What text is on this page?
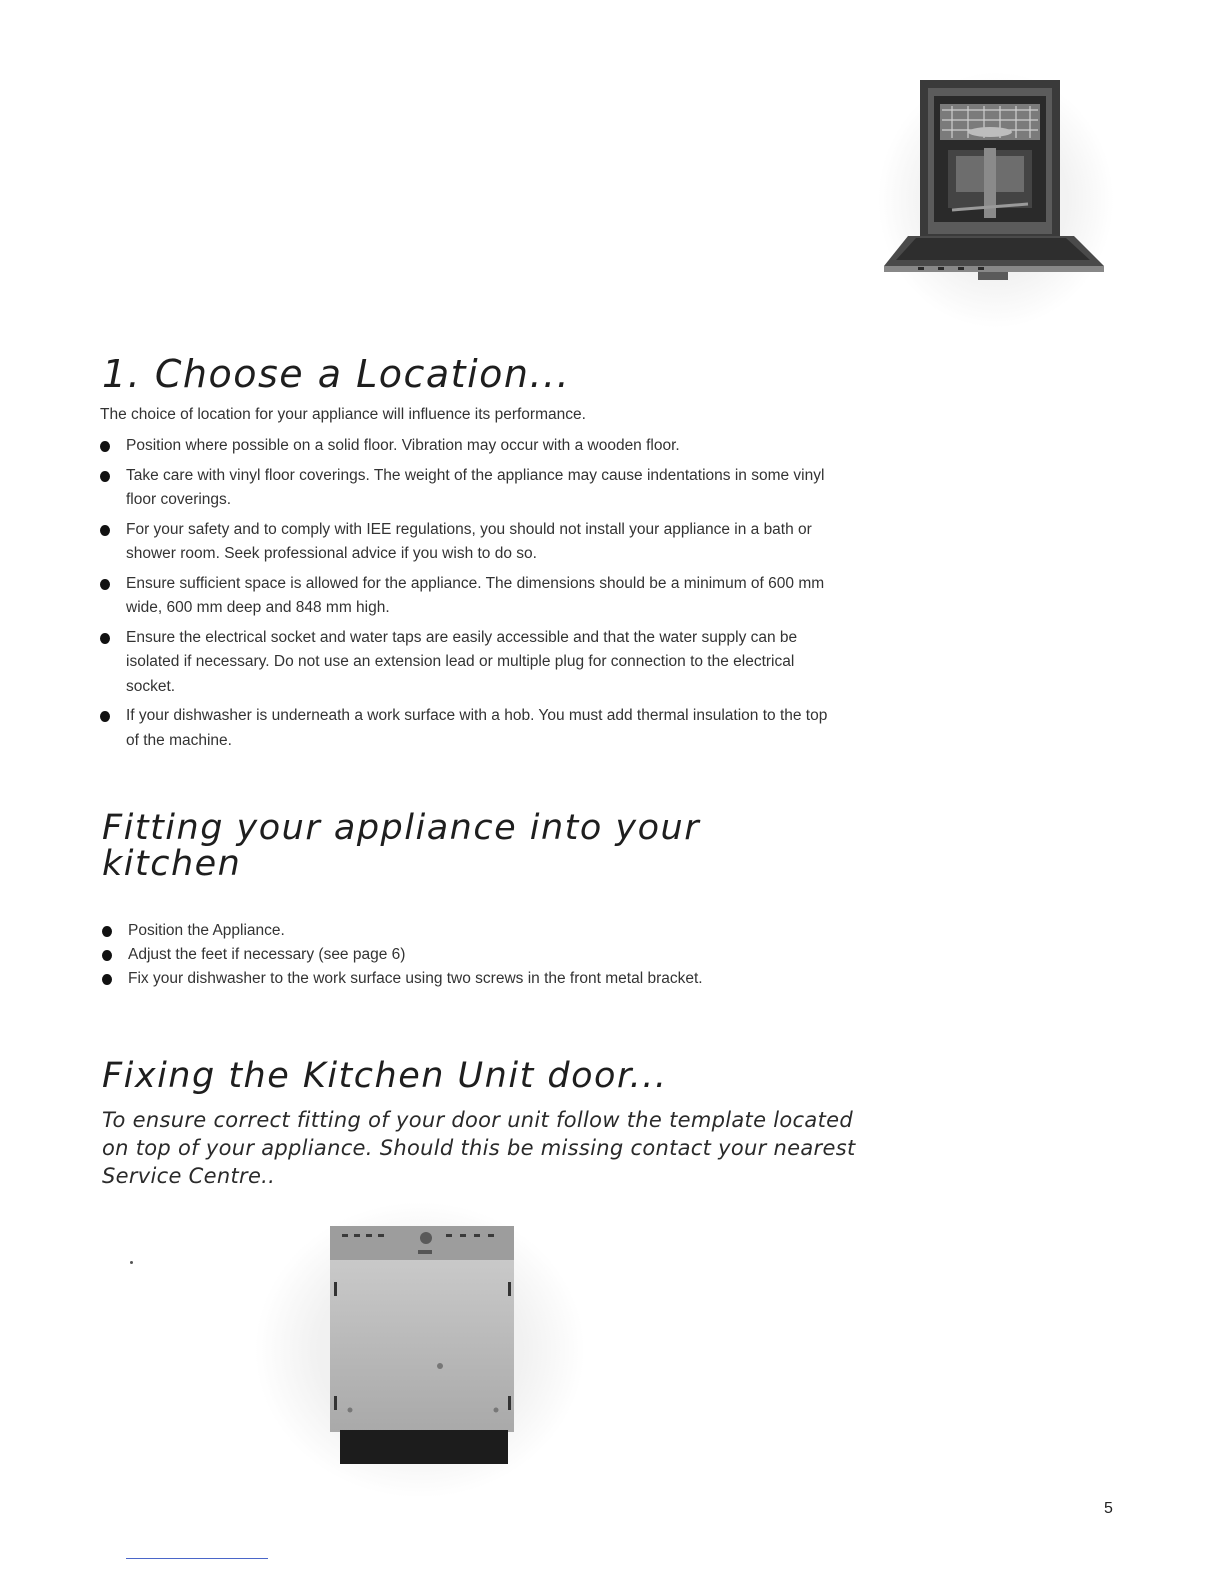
1. Choose a Location...

The choice of location for your appliance will influence its performance.

Position where possible on a solid floor. Vibration may occur with a wooden floor.
Take care with vinyl floor coverings. The weight of the appliance may cause indentations in some vinyl floor coverings.
For your safety and to comply with IEE regulations, you should not install your appliance in a bath or shower room. Seek professional advice if you wish to do so.
Ensure sufficient space is allowed for the appliance. The dimensions should be a minimum of 600 mm wide, 600 mm deep and 848 mm high.
Ensure the electrical socket and water taps are easily accessible and that the water supply can be isolated if necessary. Do not use an extension lead or multiple plug for connection to the electrical socket.
If your dishwasher is underneath a work surface with a hob. You must add thermal insulation to the top of the machine.
Fitting your appliance into your kitchen
Position the Appliance.
Adjust the feet if necessary (see page 6)
Fix your dishwasher to the work surface using two screws in the front metal bracket.
Fixing the Kitchen Unit door...

To ensure correct fitting of your door unit follow the template located on top of your appliance. Should this be missing contact your nearest Service Centre..

5
